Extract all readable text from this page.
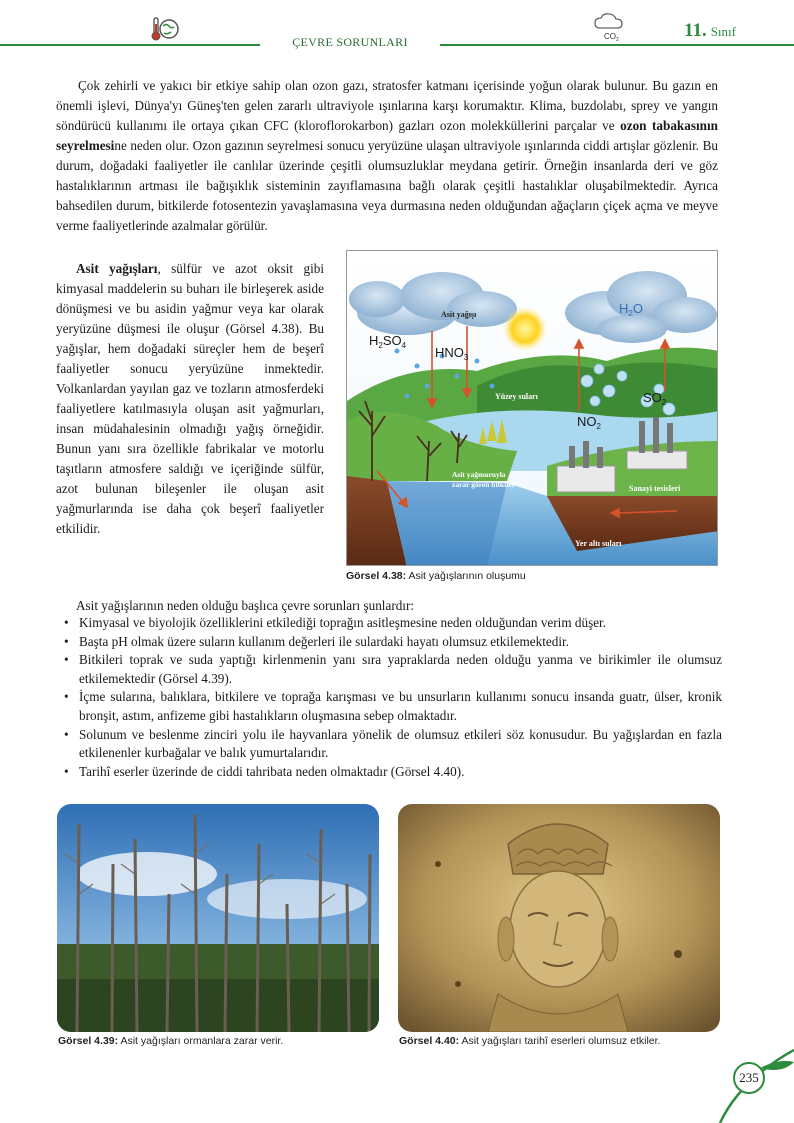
ÇEVRE SORUNLARI	$CO_2$	11. Sınıf

Çok zehirli ve yakıcı bir etkiye sahip olan ozon gazı, stratosfer katmanı içerisinde yoğun olarak bulunur. Bu gazın en önemli işlevi, Dünya'yı Güneş'ten gelen zararlı ultraviyole ışınlarına karşı korumaktır. Klima, buzdolabı, sprey ve yangın söndürücü kullanımı ile ortaya çıkan CFC (kloroflorokarbon) gazları ozon molekküllerini parçalar ve ozon tabakasının seyrelmesine neden olur. Ozon gazının seyrelmesi sonucu yeryüzüne ulaşan ultraviyole ışınlarında ciddi artışlar gözlenir. Bu durum, doğadaki faaliyetler ile canlılar üzerinde çeşitli olumsuzluklar meydana getirir. Örneğin insanlarda deri ve göz hastalıklarının artması ile bağışıklık sisteminin zayıflamasına bağlı olarak çeşitli hastalıklar oluşabilmektedir. Ayrıca bahsedilen durum, bitkilerde fotosentezin yavaşlamasına veya durmasına neden olduğundan ağaçların çiçek açma ve meyve verme faaliyetlerinde azalmalar görülür.

Asit yağışları, sülfür ve azot oksit gibi kimyasal maddelerin su buharı ile birleşerek aside dönüşmesi ve bu asidin yağmur veya kar olarak yeryüzüne düşmesi ile oluşur (Görsel 4.38). Bu yağışlar, hem doğadaki süreçler hem de beşerî faaliyetler sonucu yeryüzüne inmektedir. Volkanlardan yayılan gaz ve tozların atmosferdeki faaliyetlere katılmasıyla oluşan asit yağmurları, insan müdahalesinin olmadığı yağış örneğidir. Bunun yanı sıra özellikle fabrikalar ve motorlu taşıtların atmosfere saldığı ve içeriğinde sülfür, azot bulunan bileşenler ile oluşan asit yağmurlarında ise daha çok beşerî faaliyetler etkilidir.

Asit yağışı
$H_2SO_4$ $HNO_3$
$H_2O$
$SO_2$
$NO_2$
Yüzey suları
Asit yağmuruyla
zarar gören bitkiler	Sanayi tesisleri
Yer altı suları
Görsel 4.38: Asit yağışlarının oluşumu
Asit yağışlarının neden olduğu başlıca çevre sorunları şunlardır:
• Kimyasal ve biyolojik özelliklerini etkilediği toprağın asitleşmesine neden olduğundan verim düşer.
• Başta pH olmak üzere suların kullanım değerleri ile sulardaki hayatı olumsuz etkilemektedir.
• Bitkileri toprak ve suda yaptığı kirlenmenin yanı sıra yapraklarda neden olduğu yanma ve birikimler ile olumsuz etkilemektedir (Görsel 4.39).
• İçme sularına, balıklara, bitkilere ve toprağa karışması ve bu unsurların kullanımı sonucu insanda guatr, ülser, kronik bronşit, astım, anfizeme gibi hastalıkların oluşmasına sebep olmaktadır.
• Solunum ve beslenme zinciri yolu ile hayvanlara yönelik de olumsuz etkileri söz konusudur. Bu yağışlardan en fazla etkilenenler kurbağalar ve balık yumurtalarıdır.
• Tarihî eserler üzerinde de ciddi tahribata neden olmaktadır (Görsel 4.40).
Görsel 4.39: Asit yağışları ormanlara zarar verir.	Görsel 4.40: Asit yağışları tarihî eserleri olumsuz etkiler.
235
